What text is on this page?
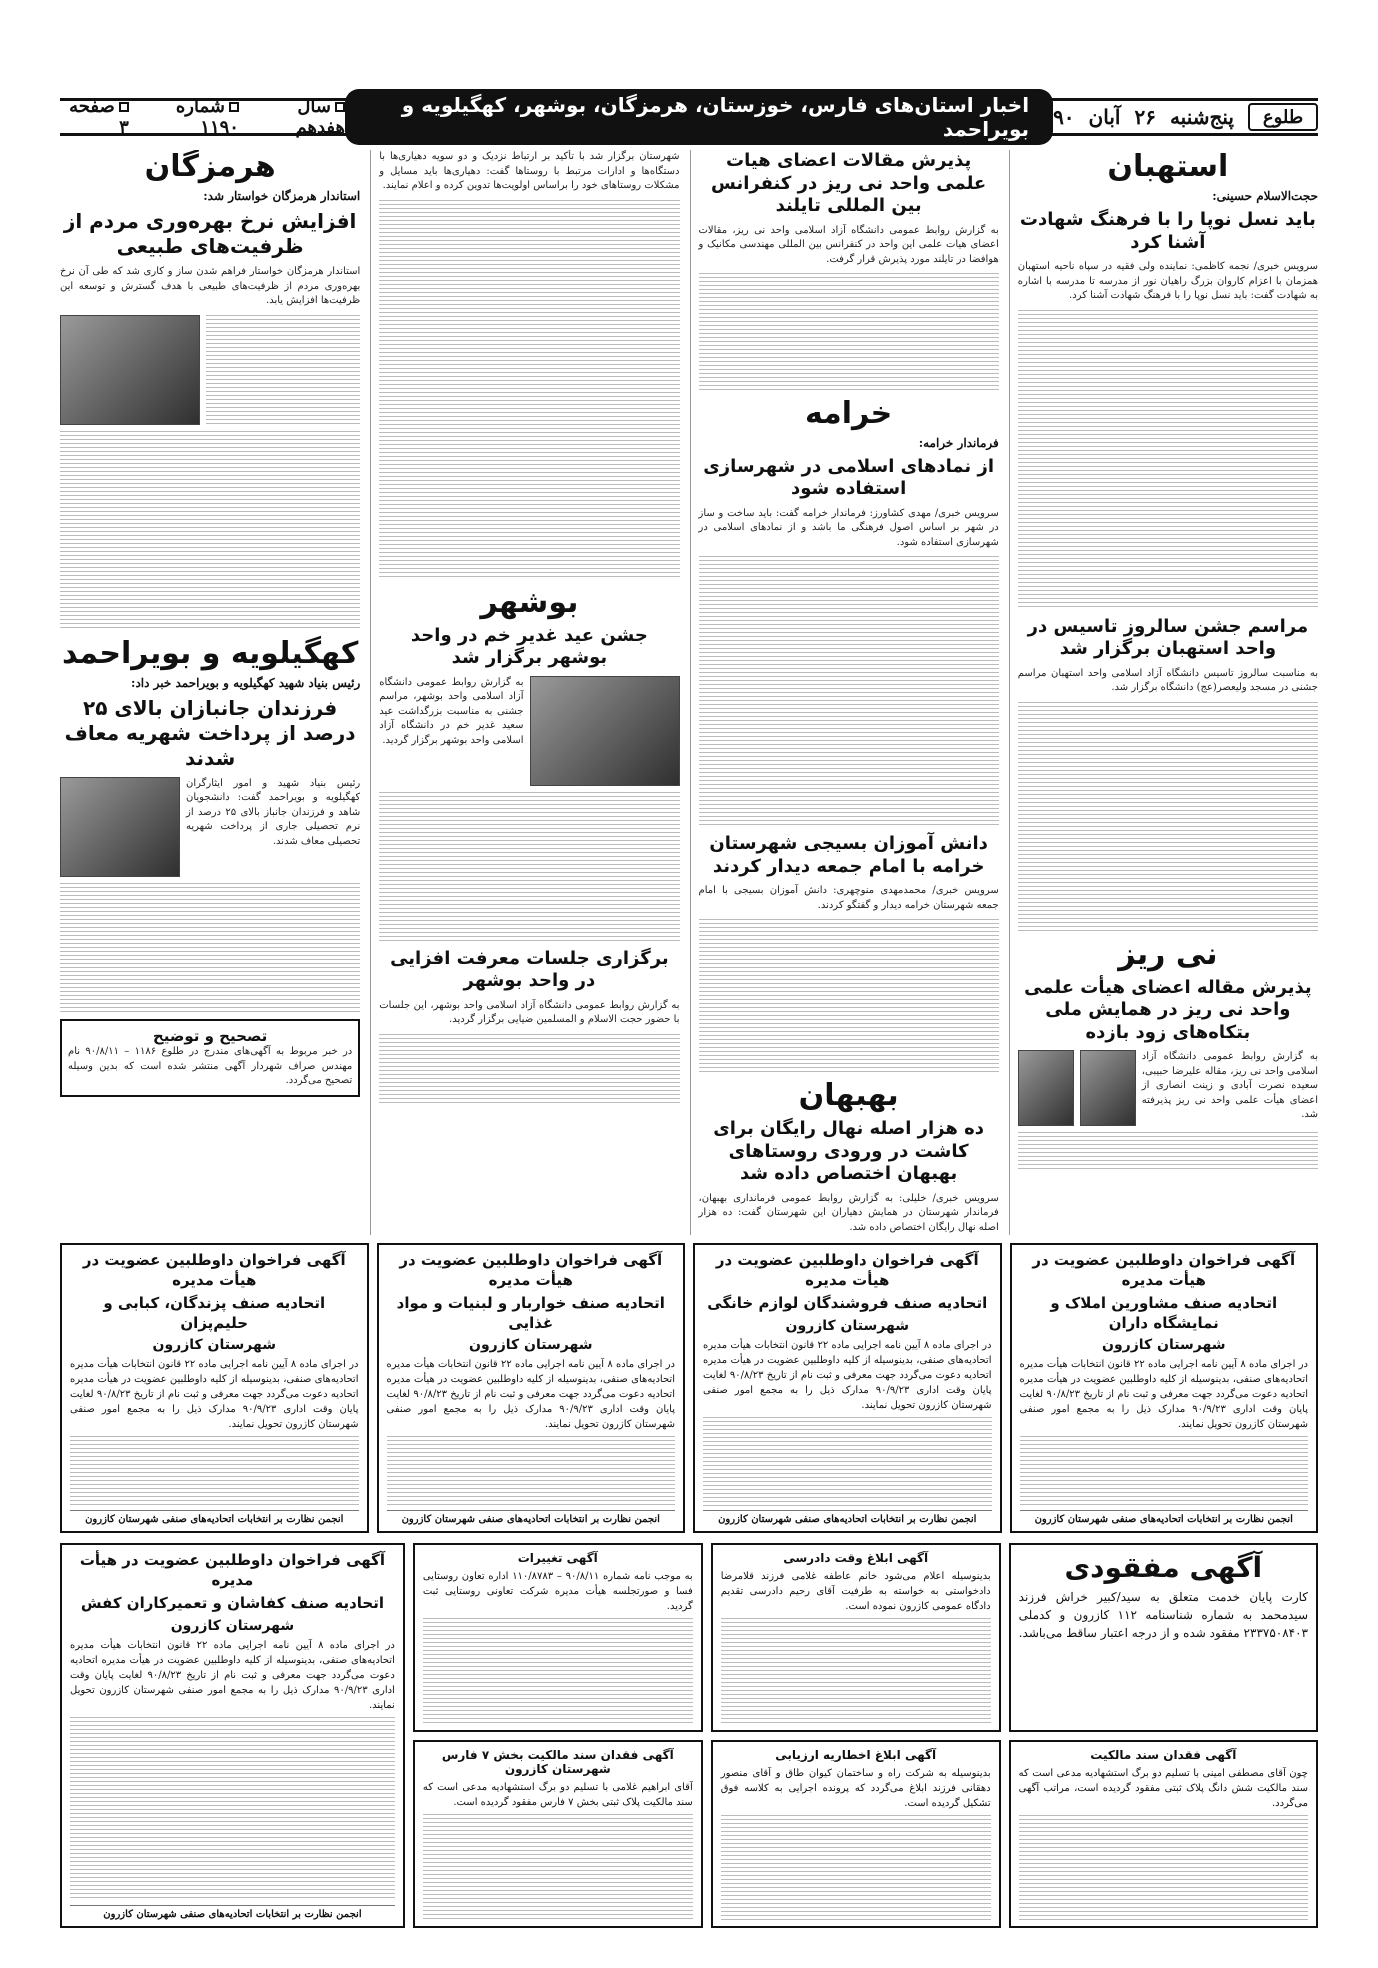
طلوع
پنج‌شنبه
۲۶
آبان
۹۰
اخبار استان‌های فارس، خوزستان، هرمزگان، بوشهر، کهگیلویه و بویراحمد
سال هفدهم
شماره ۱۱۹۰
صفحه ۳
استهبان
حجت‌الاسلام حسینی:
باید نسل نوپا را با فرهنگ شهادت آشنا کرد
سرویس خبری/ نجمه کاظمی: نماینده ولی فقیه در سپاه ناحیه استهبان همزمان با اعزام کاروان بزرگ راهیان نور از مدرسه تا مدرسه با اشاره به شهادت گفت: باید نسل نوپا را با فرهنگ شهادت آشنا کرد.
مراسم جشن سالروز تاسیس در واحد استهبان برگزار شد
به مناسبت سالروز تاسیس دانشگاه آزاد اسلامی واحد استهبان مراسم جشنی در مسجد ولیعصر(عج) دانشگاه برگزار شد.
نی ریز
پذیرش مقاله اعضای هیأت علمی واحد نی ریز در همایش ملی بتکاه‌های زود بازده
به گزارش روابط عمومی دانشگاه آزاد اسلامی واحد نی ریز، مقاله علیرضا حبیبی، سعیده نصرت آبادی و زینت انصاری از اعضای هیأت علمی واحد نی ریز پذیرفته شد.
پذیرش مقالات اعضای هیات علمی واحد نی ریز در کنفرانس بین المللی تایلند
به گزارش روابط عمومی دانشگاه آزاد اسلامی واحد نی ریز، مقالات اعضای هیات علمی این واحد در کنفرانس بین المللی مهندسی مکانیک و هوافضا در تایلند مورد پذیرش قرار گرفت.
خرامه
فرماندار خرامه:
از نمادهای اسلامی در شهرسازی استفاده شود
سرویس خبری/ مهدی کشاورز: فرماندار خرامه گفت: باید ساخت و ساز در شهر بر اساس اصول فرهنگی ما باشد و از نمادهای اسلامی در شهرسازی استفاده شود.
دانش آموزان بسیجی شهرستان خرامه با امام جمعه دیدار کردند
سرویس خبری/ محمدمهدی منوچهری: دانش آموزان بسیجی با امام جمعه شهرستان خرامه دیدار و گفتگو کردند.
بهبهان
ده هزار اصله نهال رایگان برای کاشت در ورودی روستاهای بهبهان اختصاص داده شد
سرویس خبری/ خلیلی: به گزارش روابط عمومی فرمانداری بهبهان، فرماندار شهرستان در همایش دهیاران این شهرستان گفت: ده هزار اصله نهال رایگان اختصاص داده شد.
شهرستان برگزار شد با تأکید بر ارتباط نزدیک و دو سویه دهیاری‌ها با دستگاه‌ها و ادارات مرتبط با روستاها گفت: دهیاری‌ها باید مسایل و مشکلات روستاهای خود را براساس اولویت‌ها تدوین کرده و اعلام نمایند.
بوشهر
جشن عید غدیر خم در واحد بوشهر برگزار شد
به گزارش روابط عمومی دانشگاه آزاد اسلامی واحد بوشهر، مراسم جشنی به مناسبت بزرگداشت عید سعید غدیر خم در دانشگاه آزاد اسلامی واحد بوشهر برگزار گردید.
برگزاری جلسات معرفت افزایی در واحد بوشهر
به گزارش روابط عمومی دانشگاه آزاد اسلامی واحد بوشهر، این جلسات با حضور حجت الاسلام و المسلمین ضیایی برگزار گردید.
هرمزگان
استاندار هرمزگان خواستار شد:
افزایش نرخ بهره‌وری مردم از ظرفیت‌های طبیعی
استاندار هرمزگان خواستار فراهم شدن ساز و کاری شد که طی آن نرخ بهره‌وری مردم از ظرفیت‌های طبیعی با هدف گسترش و توسعه این ظرفیت‌ها افزایش یابد.
کهگیلویه و بویراحمد
رئیس بنیاد شهید کهگیلویه و بویراحمد خبر داد:
فرزندان جانبازان بالای ۲۵ درصد از پرداخت شهریه معاف شدند
رئیس بنیاد شهید و امور ایثارگران کهگیلویه و بویراحمد گفت: دانشجویان شاهد و فرزندان جانباز بالای ۲۵ درصد از نرم تحصیلی جاری از پرداخت شهریه تحصیلی معاف شدند.
تصحیح و توضیح
در خبر مربوط به آگهی‌های مندرج در طلوع ۱۱۸۶ – ۹۰/۸/۱۱ نام مهندس صراف شهردار آگهی منتشر شده است که بدین وسیله تصحیح می‌گردد.
آگهی فراخوان داوطلبین عضویت در هیأت مدیره
اتحادیه صنف مشاورین املاک و نمایشگاه داران
شهرستان کازرون
در اجرای ماده ۸ آیین نامه اجرایی ماده ۲۲ قانون انتخابات هیأت مدیره اتحادیه‌های صنفی، بدینوسیله از کلیه داوطلبین عضویت در هیأت مدیره اتحادیه دعوت می‌گردد جهت معرفی و ثبت نام از تاریخ ۹۰/۸/۲۳ لغایت پایان وقت اداری ۹۰/۹/۲۳ مدارک ذیل را به مجمع امور صنفی شهرستان کازرون تحویل نمایند.
انجمن نظارت بر انتخابات اتحادیه‌های صنفی شهرستان کازرون
آگهی فراخوان داوطلبین عضویت در هیأت مدیره
اتحادیه صنف فروشندگان لوازم خانگی
شهرستان کازرون
در اجرای ماده ۸ آیین نامه اجرایی ماده ۲۲ قانون انتخابات هیأت مدیره اتحادیه‌های صنفی، بدینوسیله از کلیه داوطلبین عضویت در هیأت مدیره اتحادیه دعوت می‌گردد جهت معرفی و ثبت نام از تاریخ ۹۰/۸/۲۳ لغایت پایان وقت اداری ۹۰/۹/۲۳ مدارک ذیل را به مجمع امور صنفی شهرستان کازرون تحویل نمایند.
انجمن نظارت بر انتخابات اتحادیه‌های صنفی شهرستان کازرون
آگهی فراخوان داوطلبین عضویت در هیأت مدیره
اتحادیه صنف خواربار و لبنیات و مواد غذایی
شهرستان کازرون
در اجرای ماده ۸ آیین نامه اجرایی ماده ۲۲ قانون انتخابات هیأت مدیره اتحادیه‌های صنفی، بدینوسیله از کلیه داوطلبین عضویت در هیأت مدیره اتحادیه دعوت می‌گردد جهت معرفی و ثبت نام از تاریخ ۹۰/۸/۲۳ لغایت پایان وقت اداری ۹۰/۹/۲۳ مدارک ذیل را به مجمع امور صنفی شهرستان کازرون تحویل نمایند.
انجمن نظارت بر انتخابات اتحادیه‌های صنفی شهرستان کازرون
آگهی فراخوان داوطلبین عضویت در هیأت مدیره
اتحادیه صنف پزندگان، کبابی و حلیم‌پزان
شهرستان کازرون
در اجرای ماده ۸ آیین نامه اجرایی ماده ۲۲ قانون انتخابات هیأت مدیره اتحادیه‌های صنفی، بدینوسیله از کلیه داوطلبین عضویت در هیأت مدیره اتحادیه دعوت می‌گردد جهت معرفی و ثبت نام از تاریخ ۹۰/۸/۲۳ لغایت پایان وقت اداری ۹۰/۹/۲۳ مدارک ذیل را به مجمع امور صنفی شهرستان کازرون تحویل نمایند.
انجمن نظارت بر انتخابات اتحادیه‌های صنفی شهرستان کازرون
آگهی مفقودی
کارت پایان خدمت متعلق به سید/کبیر خراش فرزند سیدمحمد به شماره شناسنامه ۱۱۲ کازرون و کدملی ۲۳۳۷۵۰۸۴۰۳ مفقود شده و از درجه اعتبار ساقط می‌باشد.
آگهی فقدان سند مالکیت
چون آقای مصطفی امینی با تسلیم دو برگ استشهادیه مدعی است که سند مالکیت شش دانگ پلاک ثبتی مفقود گردیده است، مراتب آگهی می‌گردد.
آگهی ابلاغ وقت دادرسی
بدینوسیله اعلام می‌شود خانم عاطفه غلامی فرزند قلامرضا دادخواستی به خواسته به طرفیت آقای رحیم دادرسی تقدیم دادگاه عمومی کازرون نموده است.
آگهی تغییرات
به موجب نامه شماره ۹۰/۸/۱۱ – ۱۱۰/۸۷۸۳ اداره تعاون روستایی فسا و صورتجلسه هیأت مدیره شرکت تعاونی روستایی ثبت گردید.
آگهی ابلاغ اخطاریه ارزیابی
بدینوسیله به شرکت راه و ساختمان کیوان طاق و آقای منصور دهقانی فرزند ابلاغ می‌گردد که پرونده اجرایی به کلاسه فوق تشکیل گردیده است.
آگهی فقدان سند مالکیت بخش ۷ فارس شهرستان کازرون
آقای ابراهیم غلامی با تسلیم دو برگ استشهادیه مدعی است که سند مالکیت پلاک ثبتی بخش ۷ فارس مفقود گردیده است.
آگهی فراخوان داوطلبین عضویت در هیأت مدیره
اتحادیه صنف کفاشان و تعمیرکاران کفش
شهرستان کازرون
در اجرای ماده ۸ آیین نامه اجرایی ماده ۲۲ قانون انتخابات هیأت مدیره اتحادیه‌های صنفی، بدینوسیله از کلیه داوطلبین عضویت در هیأت مدیره اتحادیه دعوت می‌گردد جهت معرفی و ثبت نام از تاریخ ۹۰/۸/۲۳ لغایت پایان وقت اداری ۹۰/۹/۲۳ مدارک ذیل را به مجمع امور صنفی شهرستان کازرون تحویل نمایند.
انجمن نظارت بر انتخابات اتحادیه‌های صنفی شهرستان کازرون
